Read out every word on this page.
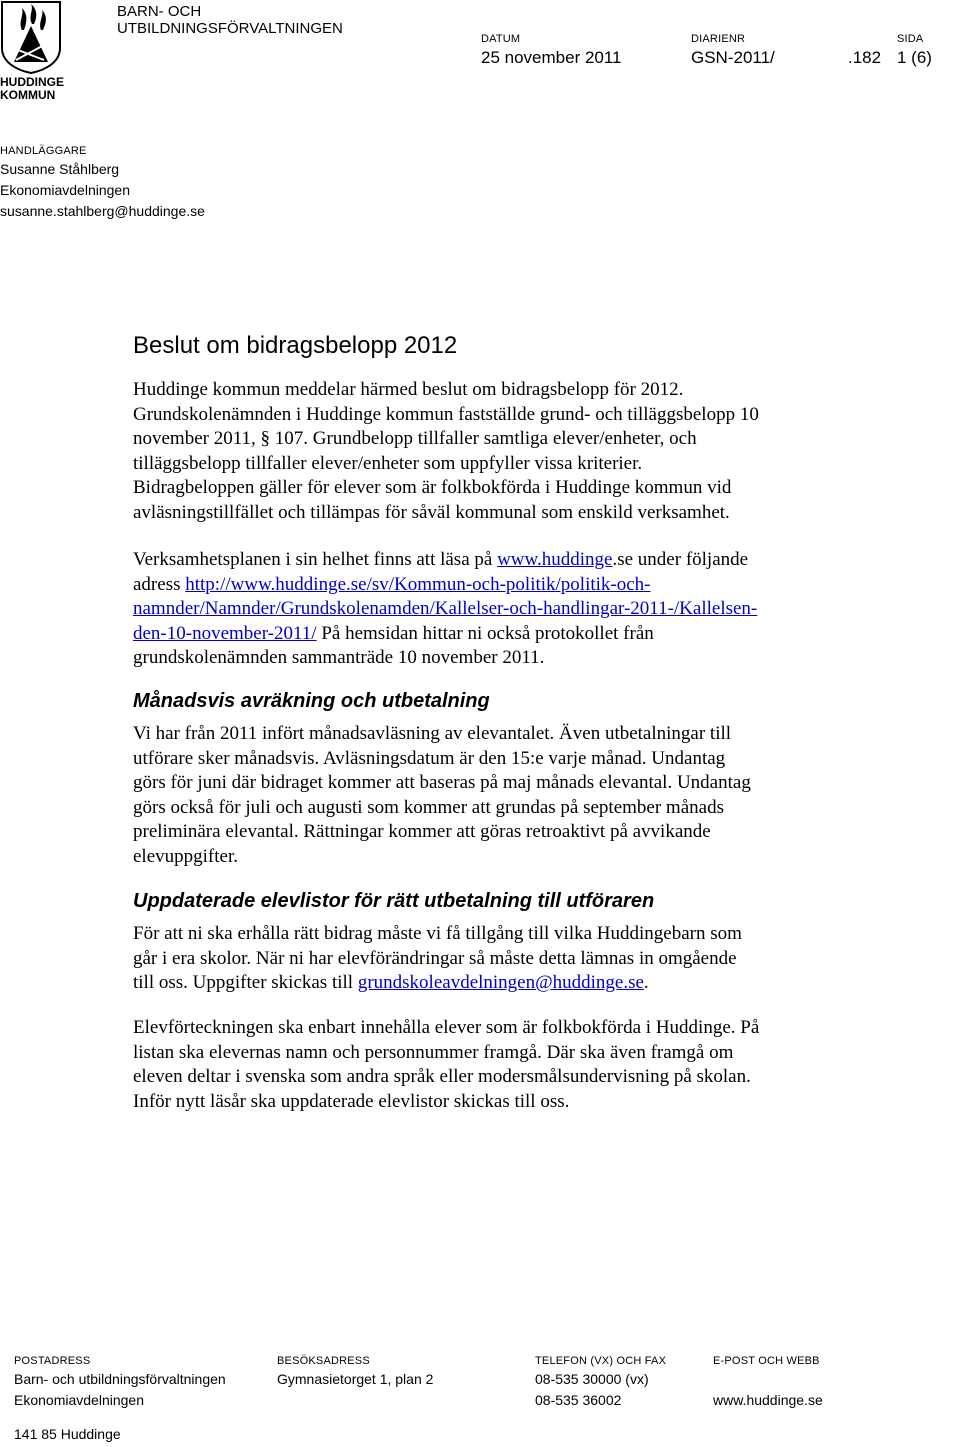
HUDDINGE
KOMMUN
BARN- OCH
UTBILDNINGSFÖRVALTNINGEN
DATUM
25 november 2011
DIARIENR
GSN-2011/	.182
SIDA
1 (6)
HANDLÄGGARE
Susanne Ståhlberg
Ekonomiavdelningen
susanne.stahlberg@huddinge.se
Beslut om bidragsbelopp 2012
Huddinge kommun meddelar härmed beslut om bidragsbelopp för 2012.
Grundskolenämnden i Huddinge kommun fastställde grund- och tilläggsbelopp 10
november 2011, § 107. Grundbelopp tillfaller samtliga elever/enheter, och
tilläggsbelopp tillfaller elever/enheter som uppfyller vissa kriterier.
Bidragbeloppen gäller för elever som är folkbokförda i Huddinge kommun vid
avläsningstillfället och tillämpas för såväl kommunal som enskild verksamhet.
Verksamhetsplanen i sin helhet finns att läsa på www.huddinge.se under följande
adress http://www.huddinge.se/sv/Kommun-och-politik/politik-och-
namnder/Namnder/Grundskolenamden/Kallelser-och-handlingar-2011-/Kallelsen-
den-10-november-2011/ På hemsidan hittar ni också protokollet från
grundskolenämnden sammanträde 10 november 2011.
Månadsvis avräkning och utbetalning
Vi har från 2011 infört månadsavläsning av elevantalet. Även utbetalningar till
utförare sker månadsvis. Avläsningsdatum är den 15:e varje månad. Undantag
görs för juni där bidraget kommer att baseras på maj månads elevantal. Undantag
görs också för juli och augusti som kommer att grundas på september månads
preliminära elevantal. Rättningar kommer att göras retroaktivt på avvikande
elevuppgifter.
Uppdaterade elevlistor för rätt utbetalning till utföraren
För att ni ska erhålla rätt bidrag måste vi få tillgång till vilka Huddingebarn som
går i era skolor. När ni har elevförändringar så måste detta lämnas in omgående
till oss. Uppgifter skickas till grundskoleavdelningen@huddinge.se.
Elevförteckningen ska enbart innehålla elever som är folkbokförda i Huddinge. På
listan ska elevernas namn och personnummer framgå. Där ska även framgå om
eleven deltar i svenska som andra språk eller modersmålsundervisning på skolan.
Inför nytt läsår ska uppdaterade elevlistor skickas till oss.
POSTADRESS
Barn- och utbildningsförvaltningen
Ekonomiavdelningen
141 85 Huddinge
BESÖKSADRESS
Gymnasietorget 1, plan 2
TELEFON (VX) OCH FAX
08-535 30000 (vx)
08-535 36002
E-POST OCH WEBB
www.huddinge.se
